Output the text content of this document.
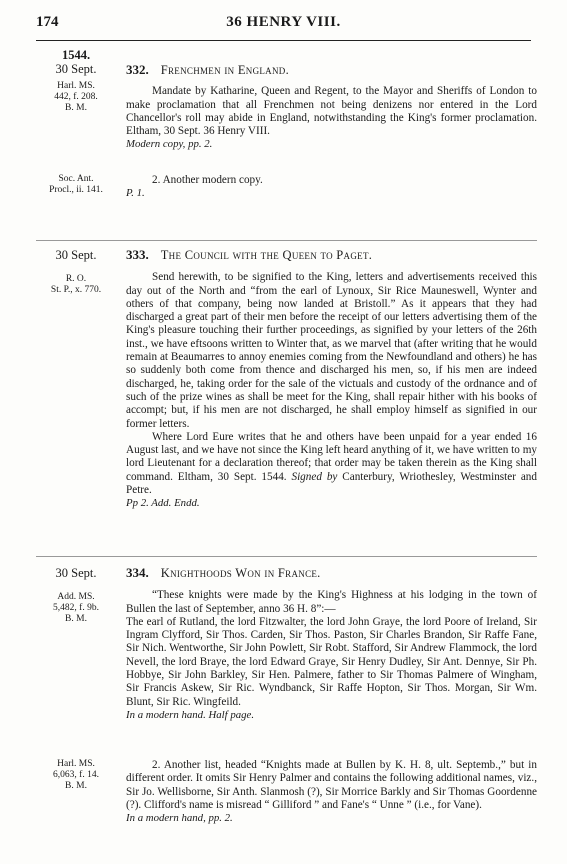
174	36 HENRY VIII.
1544.
30 Sept.
Harl. MS.
442, f. 208.
B. M.
332. Frenchmen in England.

Mandate by Katharine, Queen and Regent, to the Mayor and Sheriffs of London to make proclamation that all Frenchmen not being denizens nor entered in the Lord Chancellor's roll may abide in England, notwithstanding the King's former proclamation. Eltham, 30 Sept. 36 Henry VIII.

Modern copy, pp. 2.

Soc. Ant.
Procl., ii. 141.

2. Another modern copy.

P. 1.

30 Sept.
R. O.
St. P., x. 770.
333. The Council with the Queen to Paget.

Send herewith, to be signified to the King, letters and advertisements received this day out of the North and “from the earl of Lynoux, Sir Rice Mauneswell, Wynter and others of that company, being now landed at Bristoll.” As it appears that they had discharged a great part of their men before the receipt of our letters advertising them of the King's pleasure touching their further proceedings, as signified by your letters of the 26th inst., we have eftsoons written to Winter that, as we marvel that (after writing that he would remain at Beaumarres to annoy enemies coming from the Newfoundland and others) he has so suddenly both come from thence and discharged his men, so, if his men are indeed discharged, he, taking order for the sale of the victuals and custody of the ordnance and of such of the prize wines as shall be meet for the King, shall repair hither with his books of accompt; but, if his men are not discharged, he shall employ himself as signified in our former letters.

Where Lord Eure writes that he and others have been unpaid for a year ended 16 August last, and we have not since the King left heard anything of it, we have written to my lord Lieutenant for a declaration thereof; that order may be taken therein as the King shall command. Eltham, 30 Sept. 1544. Signed by Canterbury, Wriothesley, Westminster and Petre.

Pp 2. Add. Endd.

30 Sept.
Add. MS.
5,482, f. 9b.
B. M.
334. Knighthoods Won in France.

“These knights were made by the King's Highness at his lodging in the town of Bullen the last of September, anno 36 H. 8”:—

The earl of Rutland, the lord Fitzwalter, the lord John Graye, the lord Poore of Ireland, Sir Ingram Clyfford, Sir Thos. Carden, Sir Thos. Paston, Sir Charles Brandon, Sir Raffe Fane, Sir Nich. Wentworthe, Sir John Powlett, Sir Robt. Stafford, Sir Andrew Flammock, the lord Nevell, the lord Braye, the lord Edward Graye, Sir Henry Dudley, Sir Ant. Dennye, Sir Ph. Hobbye, Sir John Barkley, Sir Hen. Palmere, father to Sir Thomas Palmere of Wingham, Sir Francis Askew, Sir Ric. Wyndbanck, Sir Raffe Hopton, Sir Thos. Morgan, Sir Wm. Blunt, Sir Ric. Wingfeild.

In a modern hand. Half page.

Harl. MS.
6,063, f. 14.
B. M.

2. Another list, headed “Knights made at Bullen by K. H. 8, ult. Septemb.,” but in different order. It omits Sir Henry Palmer and contains the following additional names, viz., Sir Jo. Wellisborne, Sir Anth. Slanmosh (?), Sir Morrice Barkly and Sir Thomas Goordenne (?). Clifford's name is misread “ Gilliford ” and Fane's “ Unne ” (i.e., for Vane).

In a modern hand, pp. 2.
